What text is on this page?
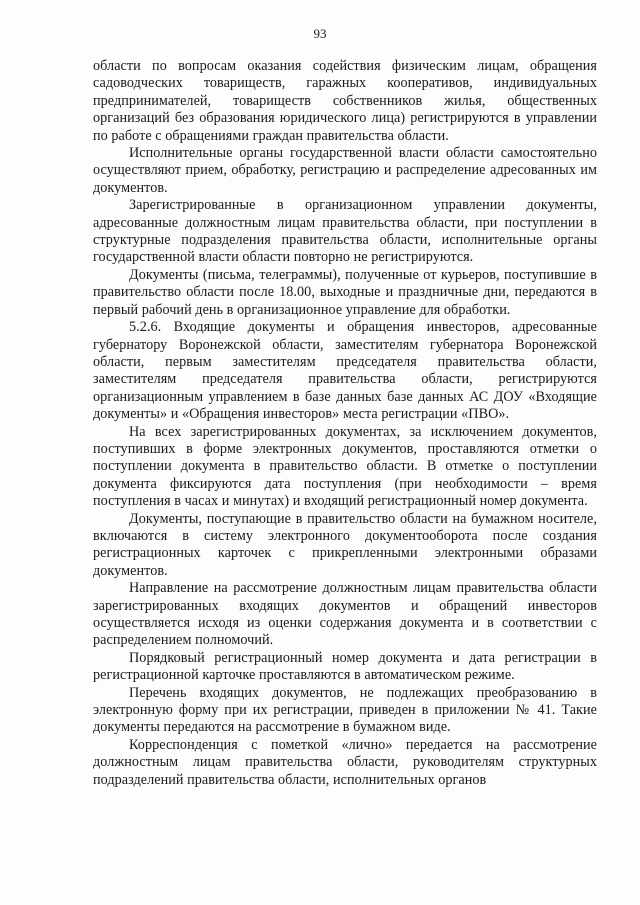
93

области по вопросам оказания содействия физическим лицам, обращения садоводческих товариществ, гаражных кооперативов, индивидуальных предпринимателей, товариществ собственников жилья, общественных организаций без образования юридического лица) регистрируются в управлении по работе с обращениями граждан правительства области.

Исполнительные органы государственной власти области самостоятельно осуществляют прием, обработку, регистрацию и распределение адресованных им документов.

Зарегистрированные в организационном управлении документы, адресованные должностным лицам правительства области, при поступлении в структурные подразделения правительства области, исполнительные органы государственной власти области повторно не регистрируются.

Документы (письма, телеграммы), полученные от курьеров, поступившие в правительство области после 18.00, выходные и праздничные дни, передаются в первый рабочий день в организационное управление для обработки.

5.2.6. Входящие документы и обращения инвесторов, адресованные губернатору Воронежской области, заместителям губернатора Воронежской области, первым заместителям председателя правительства области, заместителям председателя правительства области, регистрируются организационным управлением в базе данных базе данных АС ДОУ «Входящие документы» и «Обращения инвесторов» места регистрации «ПВО».

На всех зарегистрированных документах, за исключением документов, поступивших в форме электронных документов, проставляются отметки о поступлении документа в правительство области. В отметке о поступлении документа фиксируются дата поступления (при необходимости – время поступления в часах и минутах) и входящий регистрационный номер документа.

Документы, поступающие в правительство области на бумажном носителе, включаются в систему электронного документооборота после создания регистрационных карточек с прикрепленными электронными образами документов.

Направление на рассмотрение должностным лицам правительства области зарегистрированных входящих документов и обращений инвесторов осуществляется исходя из оценки содержания документа и в соответствии с распределением полномочий.

Порядковый регистрационный номер документа и дата регистрации в регистрационной карточке проставляются в автоматическом режиме.

Перечень входящих документов, не подлежащих преобразованию в электронную форму при их регистрации, приведен в приложении № 41. Такие документы передаются на рассмотрение в бумажном виде.

Корреспонденция с пометкой «лично» передается на рассмотрение должностным лицам правительства области, руководителям структурных подразделений правительства области, исполнительных органов
